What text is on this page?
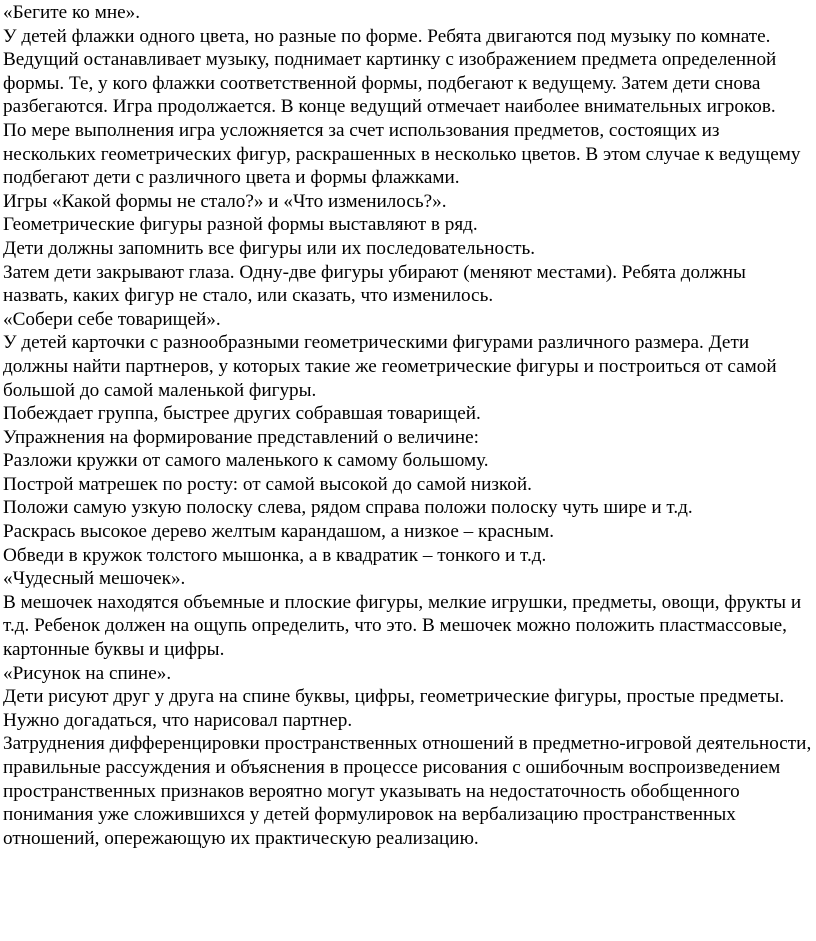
«Бегите ко мне».

У детей флажки одного цвета, но разные по форме. Ребята двигаются под музыку по комнате. Ведущий останавливает музыку, поднимает картинку с изображением предмета определенной формы. Те, у кого флажки соответственной формы, подбегают к ведущему. Затем дети снова разбегаются. Игра продолжается. В конце ведущий отмечает наиболее внимательных игроков.

По мере выполнения игра усложняется за счет использования предметов, состоящих из нескольких геометрических фигур, раскрашенных в несколько цветов. В этом случае к ведущему подбегают дети с различного цвета и формы флажками.

Игры «Какой формы не стало?» и «Что изменилось?».

Геометрические фигуры разной формы выставляют в ряд.

Дети должны запомнить все фигуры или их последовательность.

Затем дети закрывают глаза. Одну-две фигуры убирают (меняют местами). Ребята должны назвать, каких фигур не стало, или сказать, что изменилось.

«Собери себе товарищей».

У детей карточки с разнообразными геометрическими фигурами различного размера. Дети должны найти партнеров, у которых такие же геометрические фигуры и построиться от самой большой до самой маленькой фигуры.

Побеждает группа, быстрее других собравшая товарищей.

Упражнения на формирование представлений о величине:

Разложи кружки от самого маленького к самому большому.

Построй матрешек по росту: от самой высокой до самой низкой.

Положи самую узкую полоску слева, рядом справа положи полоску чуть шире и т.д.

Раскрась высокое дерево желтым карандашом, а низкое – красным.

Обведи в кружок толстого мышонка, а в квадратик – тонкого и т.д.

«Чудесный мешочек».

В мешочек находятся объемные и плоские фигуры, мелкие игрушки, предметы, овощи, фрукты и т.д. Ребенок должен на ощупь определить, что это. В мешочек можно положить пластмассовые, картонные буквы и цифры.

«Рисунок на спине».

Дети рисуют друг у друга на спине буквы, цифры, геометрические фигуры, простые предметы.

Нужно догадаться, что нарисовал партнер.

Затруднения дифференцировки пространственных отношений в предметно-игровой деятельности, правильные рассуждения и объяснения в процессе рисования с ошибочным воспроизведением пространственных признаков вероятно могут указывать на недостаточность обобщенного понимания уже сложившихся у детей формулировок на вербализацию пространственных отношений, опережающую их практическую реализацию.
